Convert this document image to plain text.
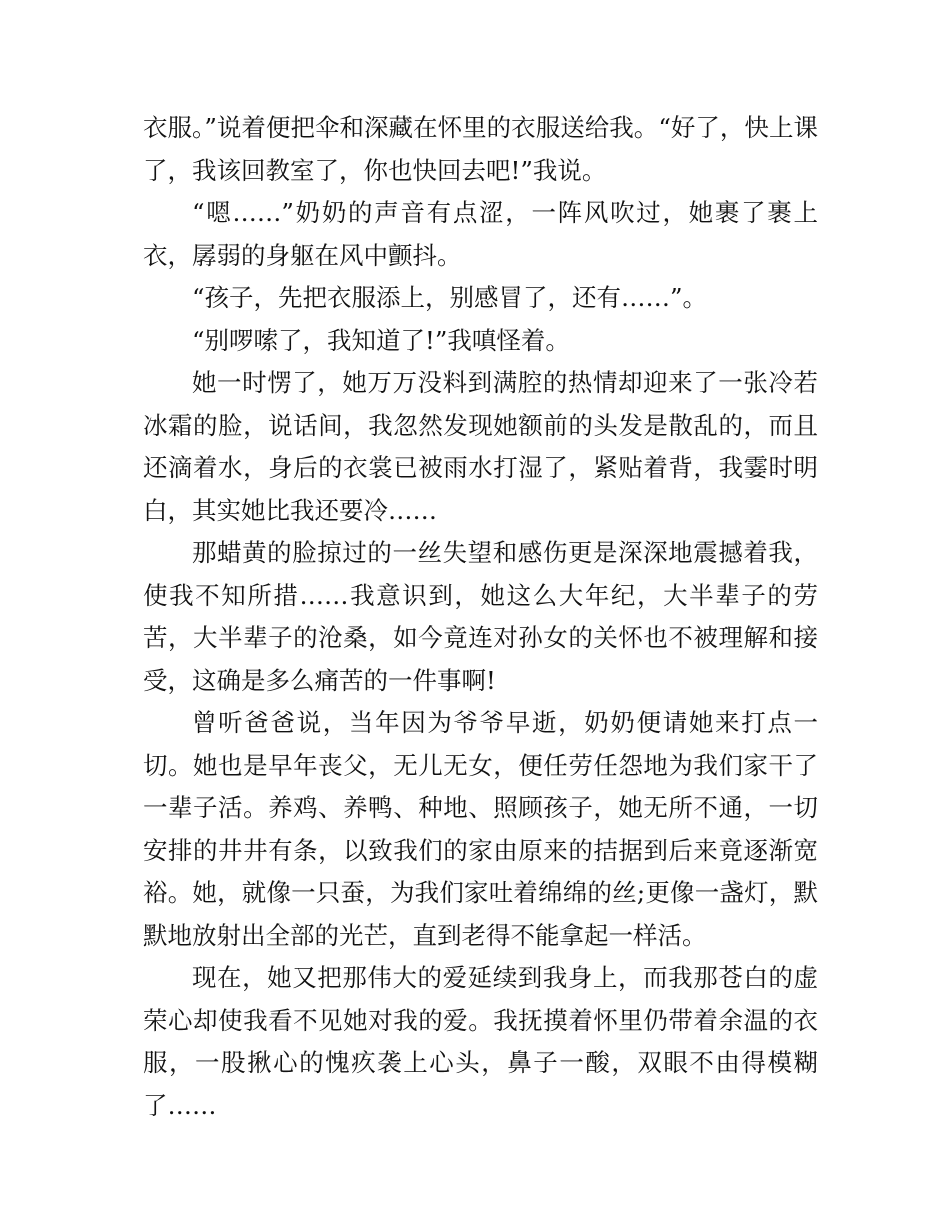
衣服。”说着便把伞和深藏在怀里的衣服送给我。“好了，快上课了，我该回教室了，你也快回去吧!”我说。

“嗯……”奶奶的声音有点涩，一阵风吹过，她裹了裹上衣，孱弱的身躯在风中颤抖。

“孩子，先把衣服添上，别感冒了，还有……”。

“别啰嗦了，我知道了!”我嗔怪着。

她一时愣了，她万万没料到满腔的热情却迎来了一张冷若冰霜的脸，说话间，我忽然发现她额前的头发是散乱的，而且还滴着水，身后的衣裳已被雨水打湿了，紧贴着背，我霎时明白，其实她比我还要冷……

那蜡黄的脸掠过的一丝失望和感伤更是深深地震撼着我，使我不知所措……我意识到，她这么大年纪，大半辈子的劳苦，大半辈子的沧桑，如今竟连对孙女的关怀也不被理解和接受，这确是多么痛苦的一件事啊!

曾听爸爸说，当年因为爷爷早逝，奶奶便请她来打点一切。她也是早年丧父，无儿无女，便任劳任怨地为我们家干了一辈子活。养鸡、养鸭、种地、照顾孩子，她无所不通，一切安排的井井有条，以致我们的家由原来的拮据到后来竟逐渐宽裕。她，就像一只蚕，为我们家吐着绵绵的丝;更像一盏灯，默默地放射出全部的光芒，直到老得不能拿起一样活。

现在，她又把那伟大的爱延续到我身上，而我那苍白的虚荣心却使我看不见她对我的爱。我抚摸着怀里仍带着余温的衣服，一股揪心的愧疚袭上心头，鼻子一酸，双眼不由得模糊了……
